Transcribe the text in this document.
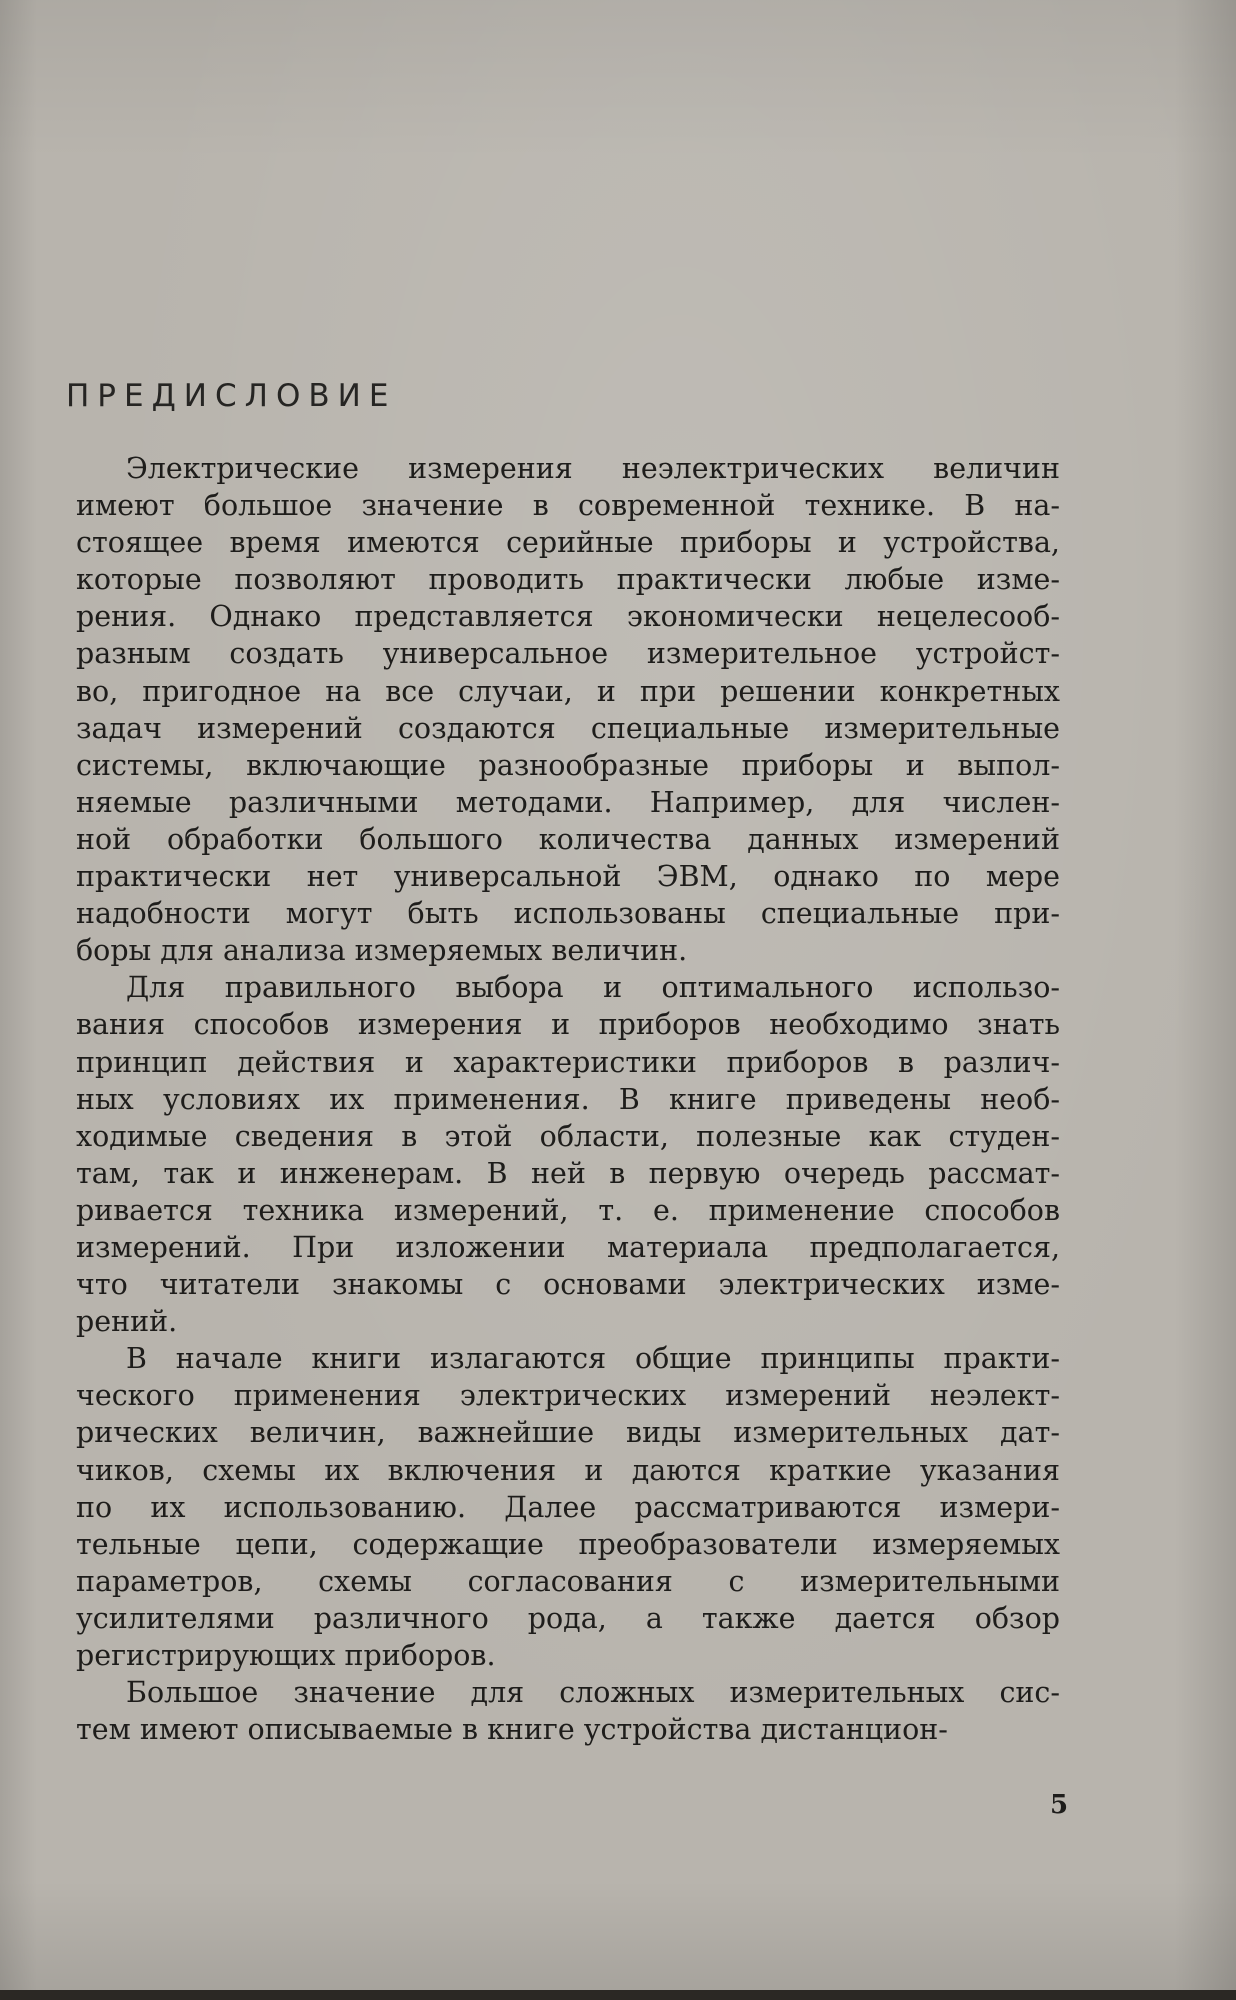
ПРЕДИСЛОВИЕ
Электрические измерения неэлектрических величин
имеют большое значение в современной технике. В на-
стоящее время имеются серийные приборы и устройства,
которые позволяют проводить практически любые изме-
рения. Однако представляется экономически нецелесооб-
разным создать универсальное измерительное устройст-
во, пригодное на все случаи, и при решении конкретных
задач измерений создаются специальные измерительные
системы, включающие разнообразные приборы и выпол-
няемые различными методами. Например, для числен-
ной обработки большого количества данных измерений
практически нет универсальной ЭВМ, однако по мере
надобности могут быть использованы специальные при-
боры для анализа измеряемых величин.
Для правильного выбора и оптимального использо-
вания способов измерения и приборов необходимо знать
принцип действия и характеристики приборов в различ-
ных условиях их применения. В книге приведены необ-
ходимые сведения в этой области, полезные как студен-
там, так и инженерам. В ней в первую очередь рассмат-
ривается техника измерений, т. е. применение способов
измерений. При изложении материала предполагается,
что читатели знакомы с основами электрических изме-
рений.
В начале книги излагаются общие принципы практи-
ческого применения электрических измерений неэлект-
рических величин, важнейшие виды измерительных дат-
чиков, схемы их включения и даются краткие указания
по их использованию. Далее рассматриваются измери-
тельные цепи, содержащие преобразователи измеряемых
параметров, схемы согласования с измерительными
усилителями различного рода, а также дается обзор
регистрирующих приборов.
Большое значение для сложных измерительных сис-
тем имеют описываемые в книге устройства дистанцион-
5
